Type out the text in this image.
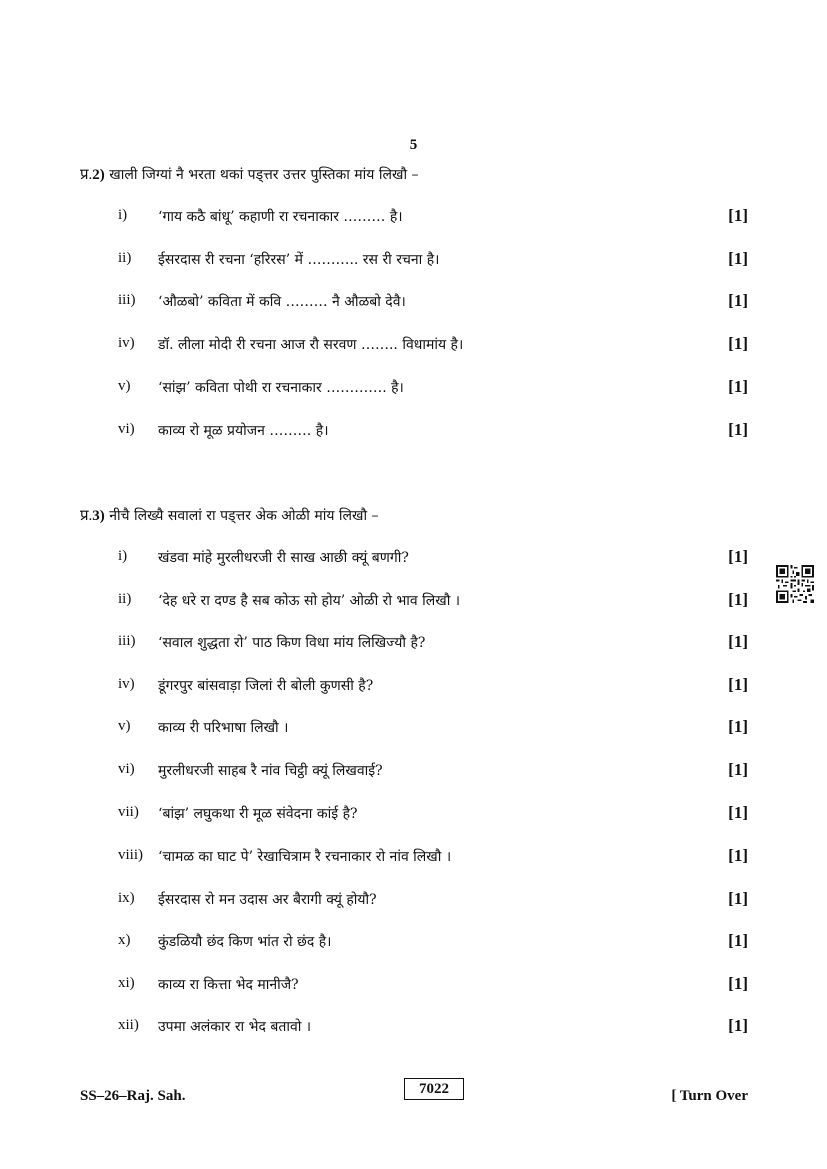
5
प्र.2) खाली जिग्यां नै भरता थकां पड्त्तर उत्तर पुस्तिका मांय लिखौ –
i) ‘गाय कठै बांधू’ कहाणी रा रचनाकार ……… है।	[1]
ii) ईसरदास री रचना ‘हरिरस’ में ……….. रस री रचना है।	[1]
iii) ‘औळबो’ कविता में कवि ……… नै औळबो देवै।	[1]
iv) डॉ. लीला मोदी री रचना आज रौ सरवण …….. विधामांय है।	[1]
v) ‘सांझ’ कविता पोथी रा रचनाकार …………. है।	[1]
vi) काव्य रो मूळ प्रयोजन ……… है।	[1]
प्र.3) नीचै लिख्यै सवालां रा पड्त्तर अेक ओळी मांय लिखौ –
i) खंडवा मांहे मुरलीधरजी री साख आछी क्यूं बणगी?	[1]
ii) ‘देह धरे रा दण्ड है सब कोऊ सो होय’ ओळी रो भाव लिखौ ।	[1]
iii) ‘सवाल शुद्धता रो’ पाठ किण विधा मांय लिखिज्यौ है?	[1]
iv) डूंगरपुर बांसवाड़ा जिलां री बोली कुणसी है?	[1]
v) काव्य री परिभाषा लिखौ ।	[1]
vi) मुरलीधरजी साहब रै नांव चिट्ठी क्यूं लिखवाई?	[1]
vii) ‘बांझ’ लघुकथा री मूळ संवेदना कांई है?	[1]
viii) ‘चामळ का घाट पे’ रेखाचित्राम रै रचनाकार रो नांव लिखौ ।	[1]
ix) ईसरदास रो मन उदास अर बैरागी क्यूं होयौ?	[1]
x) कुंडळियौ छंद किण भांत रो छंद है।	[1]
xi) काव्य रा कित्ता भेद मानीजै?	[1]
xii) उपमा अलंकार रा भेद बतावो ।	[1]
SS–26–Raj. Sah.	7022	[ Turn Over
